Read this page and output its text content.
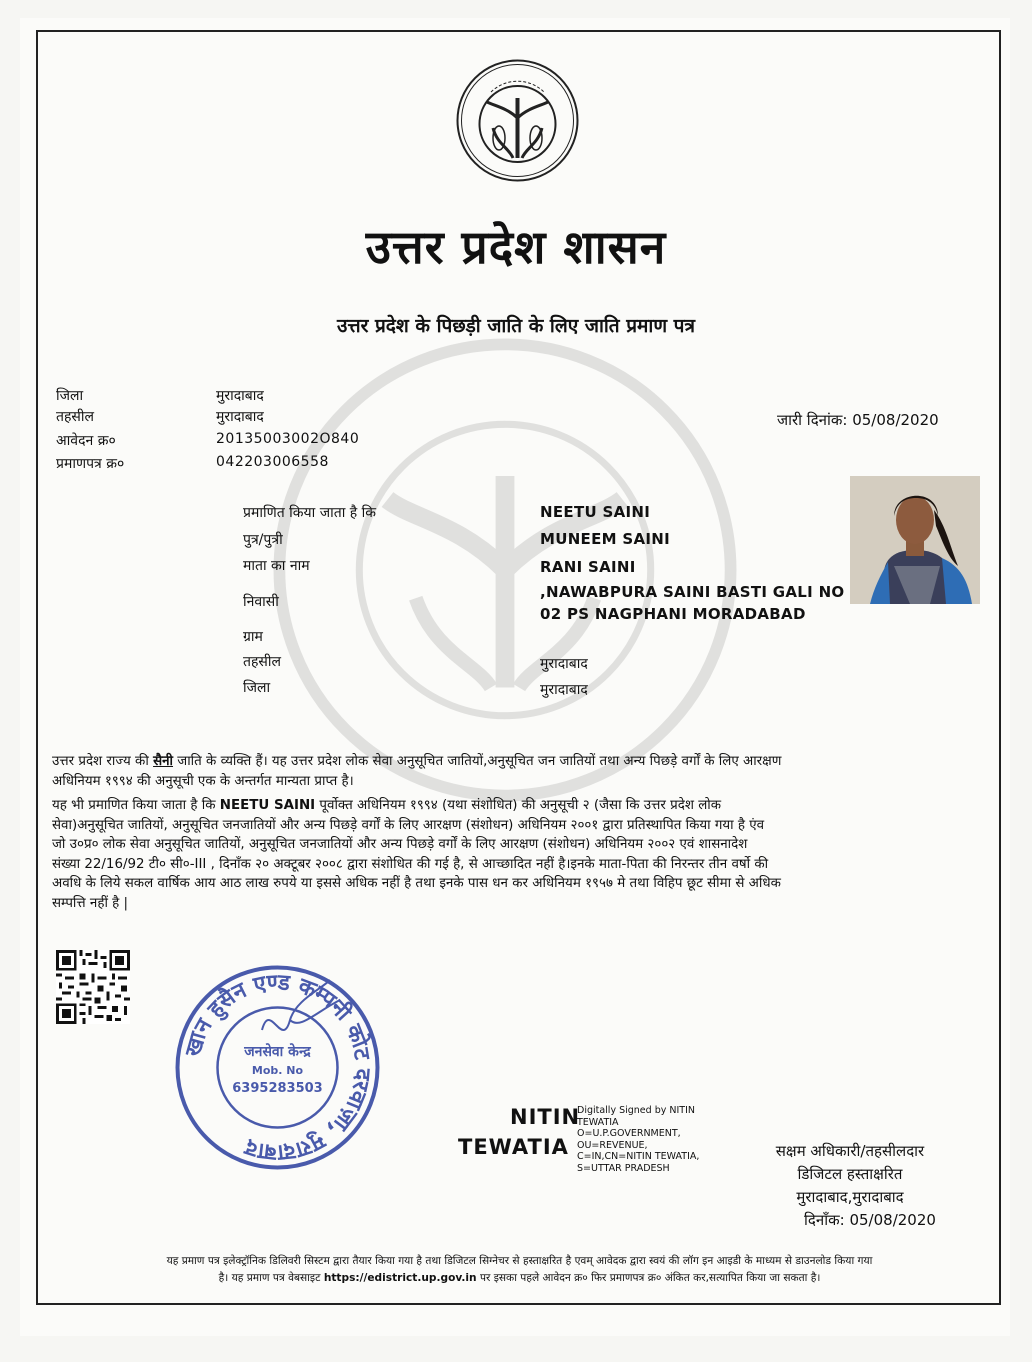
उत्तर प्रदेश शासन
उत्तर प्रदेश के पिछड़ी जाति के लिए जाति प्रमाण पत्र
जिला	मुरादाबाद
तहसील	मुरादाबाद
आवेदन क्र०	20135003002O840
प्रमाणपत्र क्र०	042203006558
जारी दिनांक: 05/08/2020
प्रमाणित किया जाता है कि	NEETU SAINI
पुत्र/पुत्री	MUNEEM SAINI
माता का नाम	RANI SAINI
निवासी
,NAWABPURA SAINI BASTI GALI NO
02 PS NAGPHANI MORADABAD
ग्राम
तहसील	मुरादाबाद
जिला	मुरादाबाद
उत्तर प्रदेश राज्य की सैनी जाति के व्यक्ति हैं। यह उत्तर प्रदेश लोक सेवा अनुसूचित जातियों,अनुसूचित जन जातियों तथा अन्य पिछड़े वर्गों के लिए आरक्षण
अधिनियम १९९४ की अनुसूची एक के अन्तर्गत मान्यता प्राप्त है।
यह भी प्रमाणित किया जाता है कि NEETU SAINI पूर्वोक्त अधिनियम १९९४ (यथा संशोधित) की अनुसूची २ (जैसा कि उत्तर प्रदेश लोक
सेवा)अनुसूचित जातियों, अनुसूचित जनजातियों और अन्य पिछड़े वर्गों के लिए आरक्षण (संशोधन) अधिनियम २००१ द्वारा प्रतिस्थापित किया गया है एंव
जो उ०प्र० लोक सेवा अनुसूचित जातियों, अनुसूचित जनजातियों और अन्य पिछड़े वर्गों के लिए आरक्षण (संशोधन) अधिनियम २००२ एवं शासनादेश
संख्या 22/16/92 टी० सी०-III , दिनाँक २० अक्टूबर २००८ द्वारा संशोधित की गई है, से आच्छादित नहीं है।इनके माता-पिता की निरन्तर तीन वर्षो की
अवधि के लिये सकल वार्षिक आय आठ लाख रुपये या इससे अधिक नहीं है तथा इनके पास धन कर अधिनियम १९५७ मे तथा विहिप छूट सीमा से अधिक
सम्पत्ति नहीं है |
खान हुसैन एण्ड कम्पनी कोट दरवाज़ा, मुरादाबाद
जनसेवा केन्द्र
Mob. No
6395283503
NITIN
TEWATIA
Digitally Signed by NITIN
TEWATIA
O=U.P.GOVERNMENT,
OU=REVENUE,
C=IN,CN=NITIN TEWATIA,
S=UTTAR PRADESH
सक्षम अधिकारी/तहसीलदार
डिजिटल हस्ताक्षरित
मुरादाबाद,मुरादाबाद
दिनाँक: 05/08/2020
यह प्रमाण पत्र इलेक्ट्रॉनिक डिलिवरी सिस्टम द्वारा तैयार किया गया है तथा डिजिटल सिग्नेचर से हस्ताक्षरित है एवम् आवेदक द्वारा स्वयं की लॉग इन आइडी के माध्यम से डाउनलोड किया गया
है। यह प्रमाण पत्र वेबसाइट https://edistrict.up.gov.in पर इसका पहले आवेदन क्र० फिर प्रमाणपत्र क्र० अंकित कर,सत्यापित किया जा सकता है।
